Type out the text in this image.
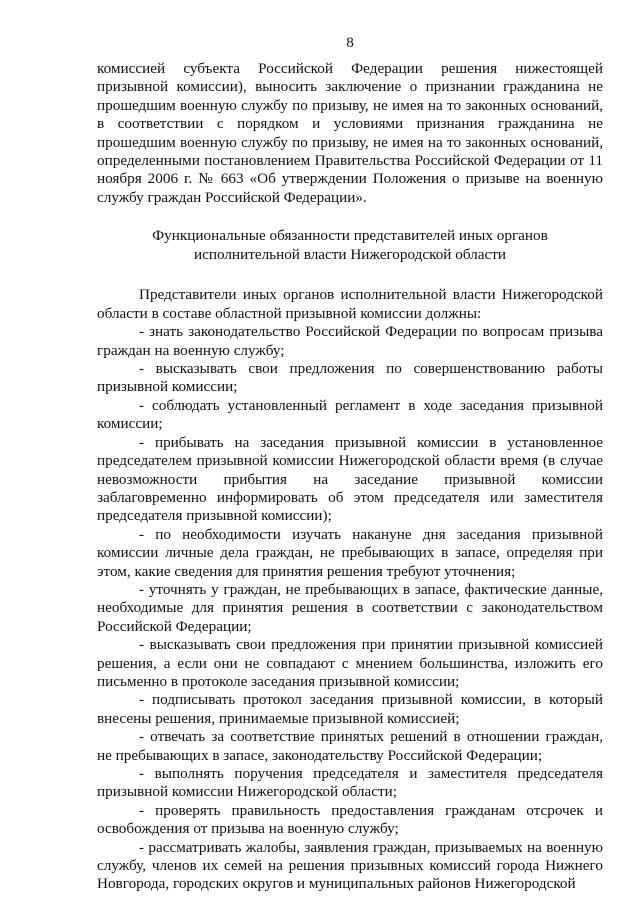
8

комиссией субъекта Российской Федерации решения нижестоящей призывной комиссии), выносить заключение о признании гражданина не прошедшим военную службу по призыву, не имея на то законных оснований, в соответствии с порядком и условиями признания гражданина не прошедшим военную службу по призыву, не имея на то законных оснований, определенными постановлением Правительства Российской Федерации от 11 ноября 2006 г. № 663 «Об утверждении Положения о призыве на военную службу граждан Российской Федерации».

Функциональные обязанности представителей иных органов
исполнительной власти Нижегородской области

Представители иных органов исполнительной власти Нижегородской области в составе областной призывной комиссии должны:

- знать законодательство Российской Федерации по вопросам призыва граждан на военную службу;

- высказывать свои предложения по совершенствованию работы призывной комиссии;

- соблюдать установленный регламент в ходе заседания призывной комиссии;

- прибывать на заседания призывной комиссии в установленное председателем призывной комиссии Нижегородской области время (в случае невозможности прибытия на заседание призывной комиссии заблаговременно информировать об этом председателя или заместителя председателя призывной комиссии);

- по необходимости изучать накануне дня заседания призывной комиссии личные дела граждан, не пребывающих в запасе, определяя при этом, какие сведения для принятия решения требуют уточнения;

- уточнять у граждан, не пребывающих в запасе, фактические данные, необходимые для принятия решения в соответствии с законодательством Российской Федерации;

- высказывать свои предложения при принятии призывной комиссией решения, а если они не совпадают с мнением большинства, изложить его письменно в протоколе заседания призывной комиссии;

- подписывать протокол заседания призывной комиссии, в который внесены решения, принимаемые призывной комиссией;

- отвечать за соответствие принятых решений в отношении граждан, не пребывающих в запасе, законодательству Российской Федерации;

- выполнять поручения председателя и заместителя председателя призывной комиссии Нижегородской области;

- проверять правильность предоставления гражданам отсрочек и освобождения от призыва на военную службу;

- рассматривать жалобы, заявления граждан, призываемых на военную службу, членов их семей на решения призывных комиссий города Нижнего Новгорода, городских округов и муниципальных районов Нижегородской
